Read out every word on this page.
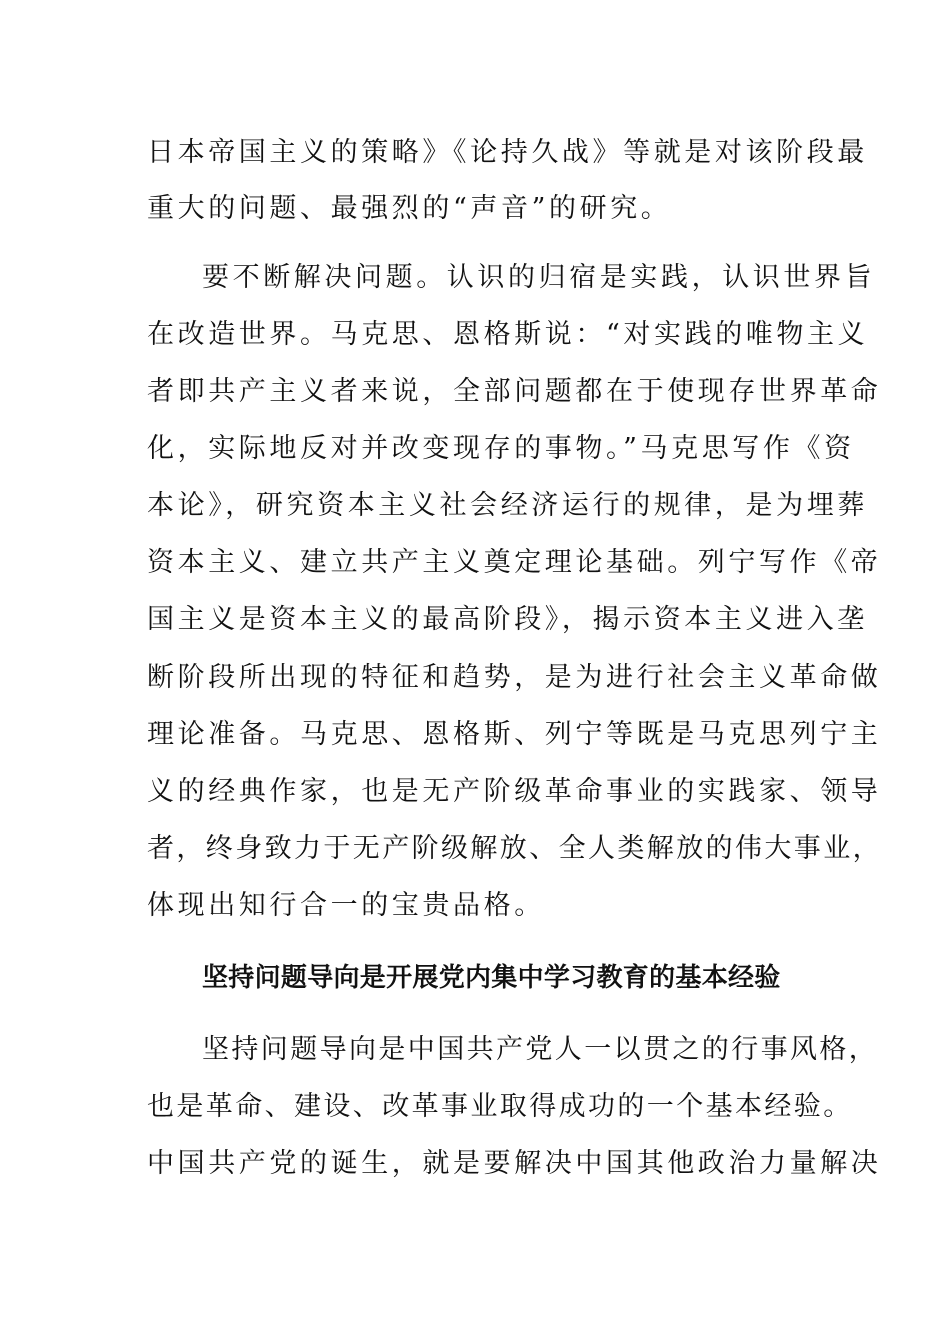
日本帝国主义的策略》《论持久战》等就是对该阶段最
重大的问题、最强烈的“声音”的研究。
要不断解决问题。认识的归宿是实践，认识世界旨
在改造世界。马克思、恩格斯说：“对实践的唯物主义
者即共产主义者来说，全部问题都在于使现存世界革命
化，实际地反对并改变现存的事物。”马克思写作《资
本论》，研究资本主义社会经济运行的规律，是为埋葬
资本主义、建立共产主义奠定理论基础。列宁写作《帝
国主义是资本主义的最高阶段》，揭示资本主义进入垄
断阶段所出现的特征和趋势，是为进行社会主义革命做
理论准备。马克思、恩格斯、列宁等既是马克思列宁主
义的经典作家，也是无产阶级革命事业的实践家、领导
者，终身致力于无产阶级解放、全人类解放的伟大事业，
体现出知行合一的宝贵品格。
坚持问题导向是开展党内集中学习教育的基本经验
坚持问题导向是中国共产党人一以贯之的行事风格，
也是革命、建设、改革事业取得成功的一个基本经验。
中国共产党的诞生，就是要解决中国其他政治力量解决
